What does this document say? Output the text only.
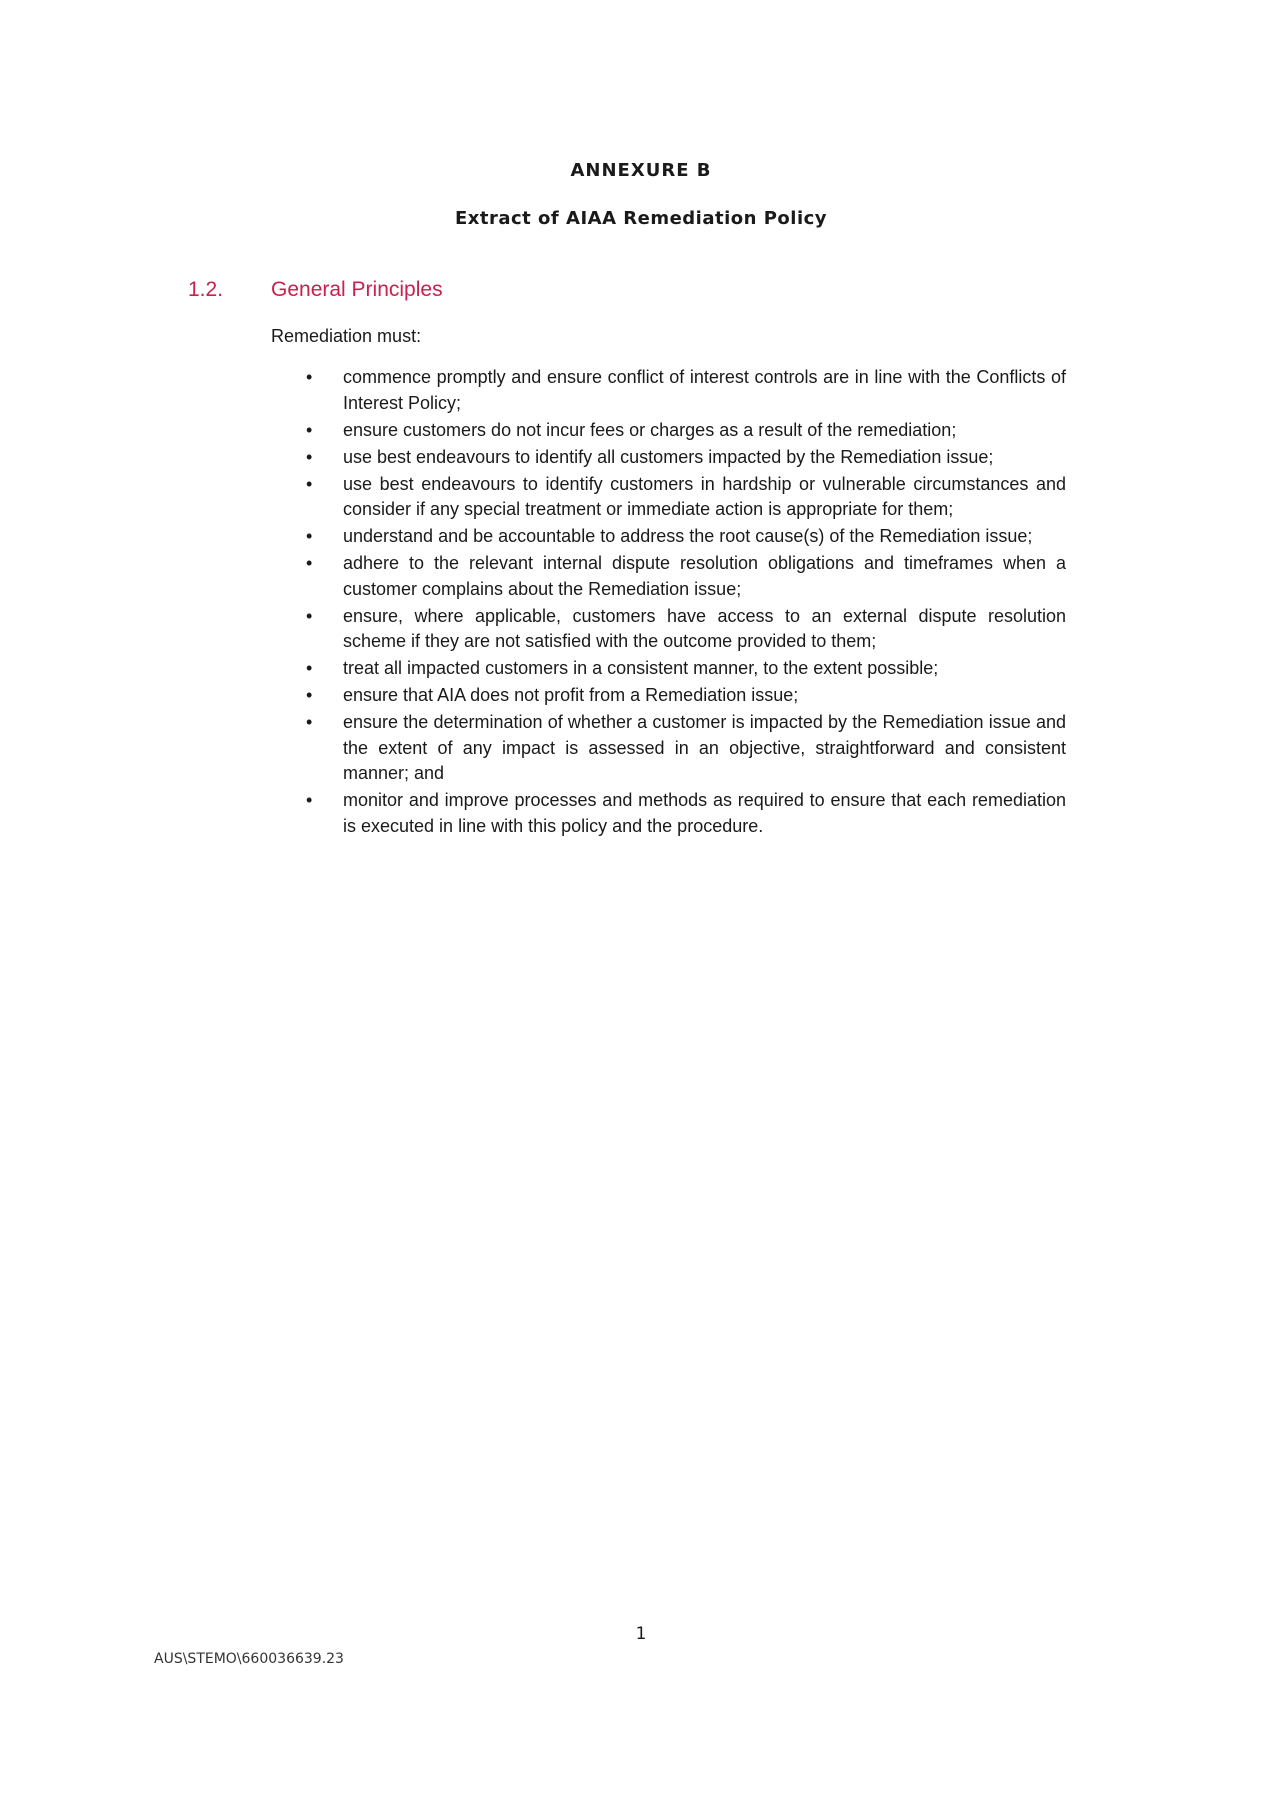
ANNEXURE B
Extract of AIAA Remediation Policy
1.2. General Principles
Remediation must:
• commence promptly and ensure conflict of interest controls are in line with the Conflicts of Interest Policy;
• ensure customers do not incur fees or charges as a result of the remediation;
• use best endeavours to identify all customers impacted by the Remediation issue;
• use best endeavours to identify customers in hardship or vulnerable circumstances and consider if any special treatment or immediate action is appropriate for them;
• understand and be accountable to address the root cause(s) of the Remediation issue;
• adhere to the relevant internal dispute resolution obligations and timeframes when a customer complains about the Remediation issue;
• ensure, where applicable, customers have access to an external dispute resolution scheme if they are not satisfied with the outcome provided to them;
• treat all impacted customers in a consistent manner, to the extent possible;
• ensure that AIA does not profit from a Remediation issue;
• ensure the determination of whether a customer is impacted by the Remediation issue and the extent of any impact is assessed in an objective, straightforward and consistent manner; and
• monitor and improve processes and methods as required to ensure that each remediation is executed in line with this policy and the procedure.
1
AUS\STEMO\660036639.23
